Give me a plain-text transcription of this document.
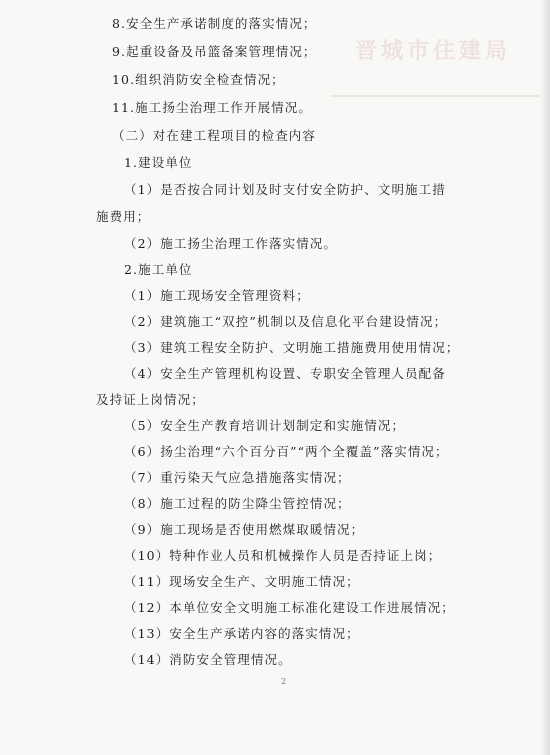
晋城市住建局
8.安全生产承诺制度的落实情况；
9.起重设备及吊篮备案管理情况；
10.组织消防安全检查情况；
11.施工扬尘治理工作开展情况。
（二）对在建工程项目的检查内容
1.建设单位
（1）是否按合同计划及时支付安全防护、文明施工措
施费用；
（2）施工扬尘治理工作落实情况。
2.施工单位
（1）施工现场安全管理资料；
（2）建筑施工“双控”机制以及信息化平台建设情况；
（3）建筑工程安全防护、文明施工措施费用使用情况；
（4）安全生产管理机构设置、专职安全管理人员配备
及持证上岗情况；
（5）安全生产教育培训计划制定和实施情况；
（6）扬尘治理“六个百分百”“两个全覆盖”落实情况；
（7）重污染天气应急措施落实情况；
（8）施工过程的防尘降尘管控情况；
（9）施工现场是否使用燃煤取暖情况；
（10）特种作业人员和机械操作人员是否持证上岗；
（11）现场安全生产、文明施工情况；
（12）本单位安全文明施工标准化建设工作进展情况；
（13）安全生产承诺内容的落实情况；
（14）消防安全管理情况。
2
